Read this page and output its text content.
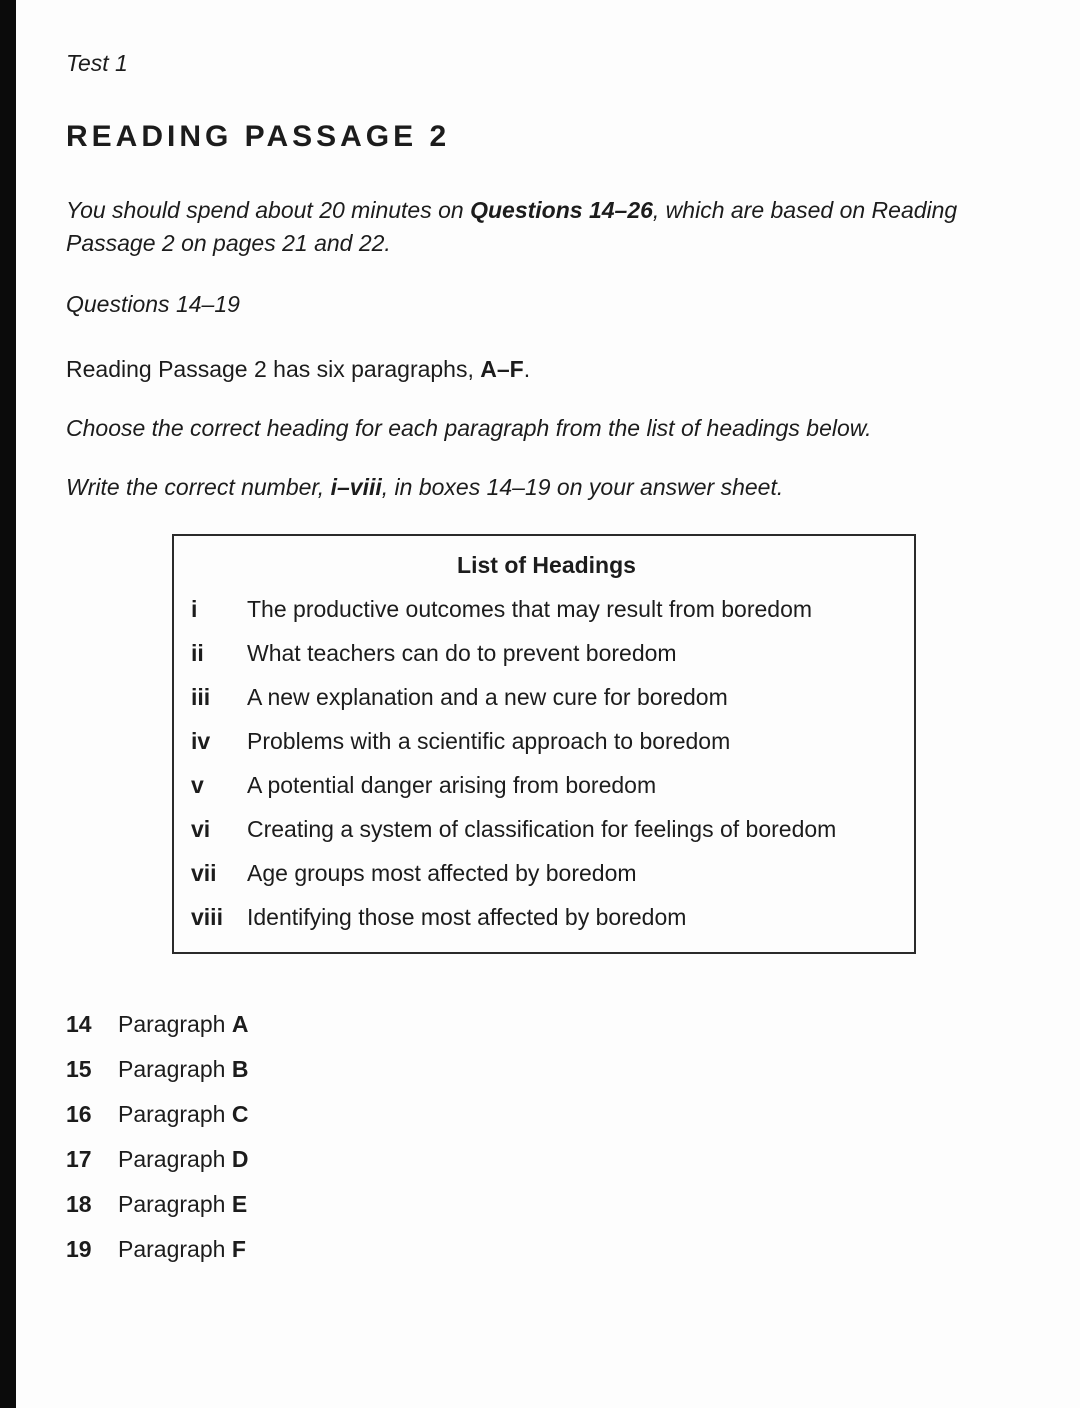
Test 1
READING PASSAGE 2

You should spend about 20 minutes on Questions 14–26, which are based on Reading Passage 2 on pages 21 and 22.

Questions 14–19

Reading Passage 2 has six paragraphs, A–F.

Choose the correct heading for each paragraph from the list of headings below.

Write the correct number, i–viii, in boxes 14–19 on your answer sheet.

List of Headings
i	The productive outcomes that may result from boredom
ii	What teachers can do to prevent boredom
iii	A new explanation and a new cure for boredom
iv	Problems with a scientific approach to boredom
v	A potential danger arising from boredom
vi	Creating a system of classification for feelings of boredom
vii	Age groups most affected by boredom
viii	Identifying those most affected by boredom
14	Paragraph A
15	Paragraph B
16	Paragraph C
17	Paragraph D
18	Paragraph E
19	Paragraph F
